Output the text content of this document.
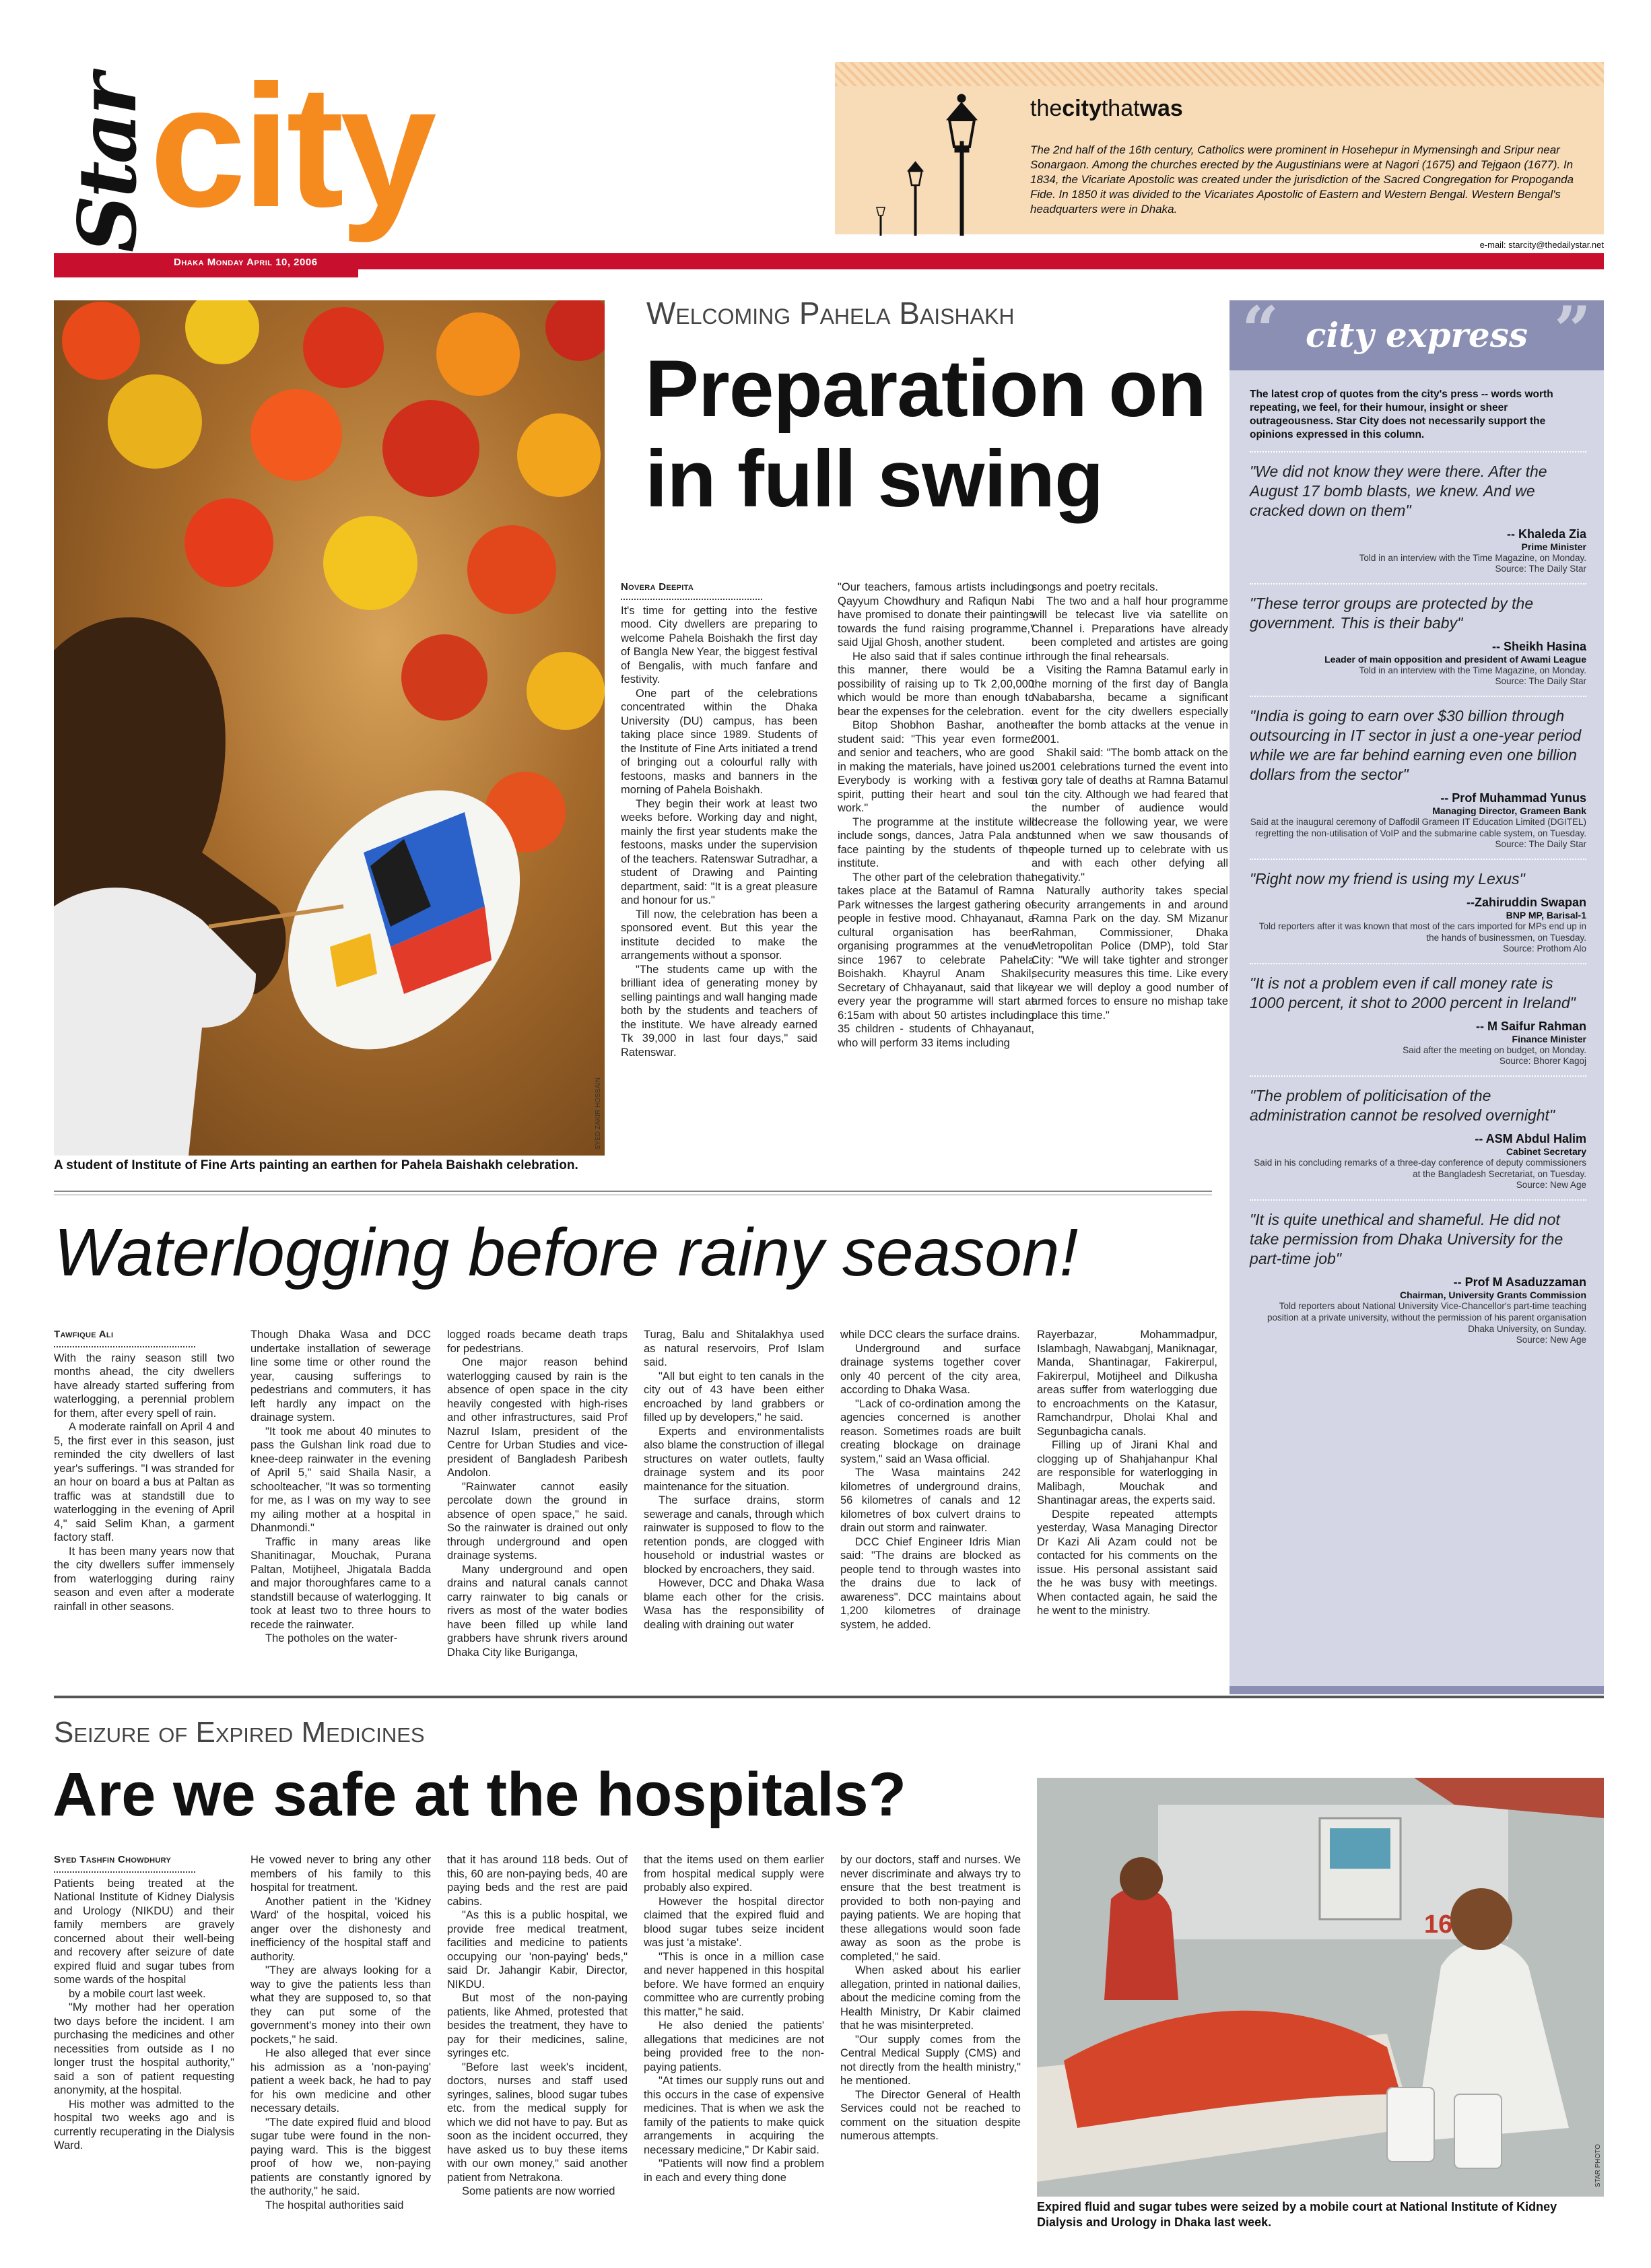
Star
city	thecitythatwas
The 2nd half of the 16th century, Catholics were prominent in Hosehepur in Mymensingh and Sripur near Sonargaon. Among the churches erected by the Augustinians were at Nagori (1675) and Tejgaon (1677). In 1834, the Vicariate Apostolic was created under the jurisdiction of the Sacred Congregation for Propoganda Fide. In 1850 it was divided to the Vicariates Apostolic of Eastern and Western Bengal. Western Bengal's headquarters were in Dhaka.
e-mail: starcity@thedailystar.net
Dhaka Monday April 10, 2006
SYED ZAKIR HOSSAIN
A student of Institute of Fine Arts painting an earthen for Pahela Baishakh celebration.
Welcoming Pahela Baishakh
Preparation on in full swing
Novera Deepita

It's time for getting into the festive mood. City dwellers are preparing to welcome Pahela Boishakh the first day of Bangla New Year, the biggest festival of Bengalis, with much fanfare and festivity.

One part of the celebrations concentrated within the Dhaka University (DU) campus, has been taking place since 1989. Students of the Institute of Fine Arts initiated a trend of bringing out a colourful rally with festoons, masks and banners in the morning of Pahela Boishakh.

They begin their work at least two weeks before. Working day and night, mainly the first year students make the festoons, masks under the supervision of the teachers. Ratenswar Sutradhar, a student of Drawing and Painting department, said: "It is a great pleasure and honour for us."

Till now, the celebration has been a sponsored event. But this year the institute decided to make the arrangements without a sponsor.

"The students came up with the brilliant idea of generating money by selling paintings and wall hanging made both by the students and teachers of the institute. We have already earned Tk 39,000 in last four days," said Ratenswar.

"Our teachers, famous artists including Qayyum Chowdhury and Rafiqun Nabi have promised to donate their paintings towards the fund raising programme," said Ujjal Ghosh, another student.

He also said that if sales continue in this manner, there would be a possibility of raising up to Tk 2,00,000 which would be more than enough to bear the expenses for the celebration.

Bitop Shobhon Bashar, another student said: "This year even former and senior and teachers, who are good in making the materials, have joined us. Everybody is working with a festive spirit, putting their heart and soul to work."

The programme at the institute will include songs, dances, Jatra Pala and face painting by the students of the institute.

The other part of the celebration that takes place at the Batamul of Ramna Park witnesses the largest gathering of people in festive mood. Chhayanaut, a cultural organisation has been organising programmes at the venue since 1967 to celebrate Pahela Boishakh. Khayrul Anam Shakil, Secretary of Chhayanaut, said that like every year the programme will start at 6:15am with about 50 artistes including 35 children - students of Chhayanaut, who will perform 33 items including

songs and poetry recitals.

The two and a half hour programme will be telecast live via satellite on Channel i. Preparations have already been completed and artistes are going through the final rehearsals.

Visiting the Ramna Batamul early in the morning of the first day of Bangla Nababarsha, became a significant event for the city dwellers especially after the bomb attacks at the venue in 2001.

Shakil said: "The bomb attack on the 2001 celebrations turned the event into a gory tale of deaths at Ramna Batamul in the city. Although we had feared that the number of audience would decrease the following year, we were stunned when we saw thousands of people turned up to celebrate with us and with each other defying all negativity."

Naturally authority takes special security arrangements in and around Ramna Park on the day. SM Mizanur Rahman, Commissioner, Dhaka Metropolitan Police (DMP), told Star City: "We will take tighter and stronger security measures this time. Like every year we will deploy a good number of armed forces to ensure no mishap take place this time."

Waterlogging before rainy season!
Tawfique Ali

With the rainy season still two months ahead, the city dwellers have already started suffering from waterlogging, a perennial problem for them, after every spell of rain.

A moderate rainfall on April 4 and 5, the first ever in this season, just reminded the city dwellers of last year's sufferings. "I was stranded for an hour on board a bus at Paltan as traffic was at standstill due to waterlogging in the evening of April 4," said Selim Khan, a garment factory staff.

It has been many years now that the city dwellers suffer immensely from waterlogging during rainy season and even after a moderate rainfall in other seasons.

Though Dhaka Wasa and DCC undertake installation of sewerage line some time or other round the year, causing sufferings to pedestrians and commuters, it has left hardly any impact on the drainage system.

"It took me about 40 minutes to pass the Gulshan link road due to knee-deep rainwater in the evening of April 5," said Shaila Nasir, a schoolteacher, "It was so tormenting for me, as I was on my way to see my ailing mother at a hospital in Dhanmondi."

Traffic in many areas like Shanitinagar, Mouchak, Purana Paltan, Motijheel, Jhigatala Badda and major thoroughfares came to a standstill because of waterlogging. It took at least two to three hours to recede the rainwater.

The potholes on the water-

logged roads became death traps for pedestrians.

One major reason behind waterlogging caused by rain is the absence of open space in the city heavily congested with high-rises and other infrastructures, said Prof Nazrul Islam, president of the Centre for Urban Studies and vice-president of Bangladesh Paribesh Andolon.

"Rainwater cannot easily percolate down the ground in absence of open space," he said. So the rainwater is drained out only through underground and open drainage systems.

Many underground and open drains and natural canals cannot carry rainwater to big canals or rivers as most of the water bodies have been filled up while land grabbers have shrunk rivers around Dhaka City like Buriganga,

Turag, Balu and Shitalakhya used as natural reservoirs, Prof Islam said.

"All but eight to ten canals in the city out of 43 have been either encroached by land grabbers or filled up by developers," he said.

Experts and environmentalists also blame the construction of illegal structures on water outlets, faulty drainage system and its poor maintenance for the situation.

The surface drains, storm sewerage and canals, through which rainwater is supposed to flow to the retention ponds, are clogged with household or industrial wastes or blocked by encroachers, they said.

However, DCC and Dhaka Wasa blame each other for the crisis. Wasa has the responsibility of dealing with draining out water

while DCC clears the surface drains.

Underground and surface drainage systems together cover only 40 percent of the city area, according to Dhaka Wasa.

"Lack of co-ordination among the agencies concerned is another reason. Sometimes roads are built creating blockage on drainage system," said an Wasa official.

The Wasa maintains 242 kilometres of underground drains, 56 kilometres of canals and 12 kilometres of box culvert drains to drain out storm and rainwater.

DCC Chief Engineer Idris Mian said: "The drains are blocked as people tend to through wastes into the drains due to lack of awareness". DCC maintains about 1,200 kilometres of drainage system, he added.

Rayerbazar, Mohammadpur, Islambagh, Nawabganj, Maniknagar, Manda, Shantinagar, Fakirerpul, Fakirerpul, Motijheel and Dilkusha areas suffer from waterlogging due to encroachments on the Katasur, Ramchandrpur, Dholai Khal and Segunbagicha canals.

Filling up of Jirani Khal and clogging up of Shahjahanpur Khal are responsible for waterlogging in Malibagh, Mouchak and Shantinagar areas, the experts said.

Despite repeated attempts yesterday, Wasa Managing Director Dr Kazi Ali Azam could not be contacted for his comments on the issue. His personal assistant said the he was busy with meetings. When contacted again, he said the he went to the ministry.

“ city express ”
The latest crop of quotes from the city's press -- words worth repeating, we feel, for their humour, insight or sheer outrageousness. Star City does not necessarily support the opinions expressed in this column.

"We did not know they were there. After the August 17 bomb blasts, we knew. And we cracked down on them"

-- Khaleda Zia
Prime Minister
Told in an interview with the Time Magazine, on Monday.
Source: The Daily Star

"These terror groups are protected by the government. This is their baby"

-- Sheikh Hasina
Leader of main opposition and president of Awami League
Told in an interview with the Time Magazine, on Monday.
Source: The Daily Star

"India is going to earn over $30 billion through outsourcing in IT sector in just a one-year period while we are far behind earning even one billion dollars from the sector"

-- Prof Muhammad Yunus
Managing Director, Grameen Bank
Said at the inaugural ceremony of Daffodil Grameen IT Education Limited (DGITEL) regretting the non-utilisation of VoIP and the submarine cable system, on Tuesday.
Source: The Daily Star

"Right now my friend is using my Lexus"

--Zahiruddin Swapan
BNP MP, Barisal-1
Told reporters after it was known that most of the cars imported for MPs end up in the hands of businessmen, on Tuesday.
Source: Prothom Alo

"It is not a problem even if call money rate is 1000 percent, it shot to 2000 percent in Ireland"

-- M Saifur Rahman
Finance Minister
Said after the meeting on budget, on Monday.
Source: Bhorer Kagoj

"The problem of politicisation of the administration cannot be resolved overnight"

-- ASM Abdul Halim
Cabinet Secretary
Said in his concluding remarks of a three-day conference of deputy commissioners at the Bangladesh Secretariat, on Tuesday.
Source: New Age

"It is quite unethical and shameful. He did not take permission from Dhaka University for the part-time job"

-- Prof M Asaduzzaman
Chairman, University Grants Commission
Told reporters about National University Vice-Chancellor's part-time teaching position at a private university, without the permission of his parent organisation Dhaka University, on Sunday.
Source: New Age
Seizure of Expired Medicines
Are we safe at the hospitals?
Syed Tashfin Chowdhury

Patients being treated at the National Institute of Kidney Dialysis and Urology (NIKDU) and their family members are gravely concerned about their well-being and recovery after seizure of date expired fluid and sugar tubes from some wards of the hospital

by a mobile court last week.

"My mother had her operation two days before the incident. I am purchasing the medicines and other necessities from outside as I no longer trust the hospital authority," said a son of patient requesting anonymity, at the hospital.

His mother was admitted to the hospital two weeks ago and is currently recuperating in the Dialysis Ward.

He vowed never to bring any other members of his family to this hospital for treatment.

Another patient in the 'Kidney Ward' of the hospital, voiced his anger over the dishonesty and inefficiency of the hospital staff and authority.

"They are always looking for a way to give the patients less than what they are supposed to, so that they can put some of the government's money into their own pockets," he said.

He also alleged that ever since his admission as a 'non-paying' patient a week back, he had to pay for his own medicine and other necessary details.

"The date expired fluid and blood sugar tube were found in the non-paying ward. This is the biggest proof of how we, non-paying patients are constantly ignored by the authority," he said.

The hospital authorities said

that it has around 118 beds. Out of this, 60 are non-paying beds, 40 are paying beds and the rest are paid cabins.

"As this is a public hospital, we provide free medical treatment, facilities and medicine to patients occupying our 'non-paying' beds," said Dr. Jahangir Kabir, Director, NIKDU.

But most of the non-paying patients, like Ahmed, protested that besides the treatment, they have to pay for their medicines, saline, syringes etc.

"Before last week's incident, doctors, nurses and staff used syringes, salines, blood sugar tubes etc. from the medical supply for which we did not have to pay. But as soon as the incident occurred, they have asked us to buy these items with our own money," said another patient from Netrakona.

Some patients are now worried

that the items used on them earlier from hospital medical supply were probably also expired.

However the hospital director claimed that the expired fluid and blood sugar tubes seize incident was just 'a mistake'.

"This is once in a million case and never happened in this hospital before. We have formed an enquiry committee who are currently probing this matter," he said.

He also denied the patients' allegations that medicines are not being provided free to the non-paying patients.

"At times our supply runs out and this occurs in the case of expensive medicines. That is when we ask the family of the patients to make quick arrangements in acquiring the necessary medicine," Dr Kabir said.

"Patients will now find a problem in each and every thing done

by our doctors, staff and nurses. We never discriminate and always try to ensure that the best treatment is provided to both non-paying and paying patients. We are hoping that these allegations would soon fade away as soon as the probe is completed," he said.

When asked about his earlier allegation, printed in national dailies, about the medicine coming from the Health Ministry, Dr Kabir claimed that he was misinterpreted.

"Our supply comes from the Central Medical Supply (CMS) and not directly from the health ministry," he mentioned.

The Director General of Health Services could not be reached to comment on the situation despite numerous attempts.

16
STAR PHOTO
Expired fluid and sugar tubes were seized by a mobile court at National Institute of Kidney Dialysis and Urology in Dhaka last week.
